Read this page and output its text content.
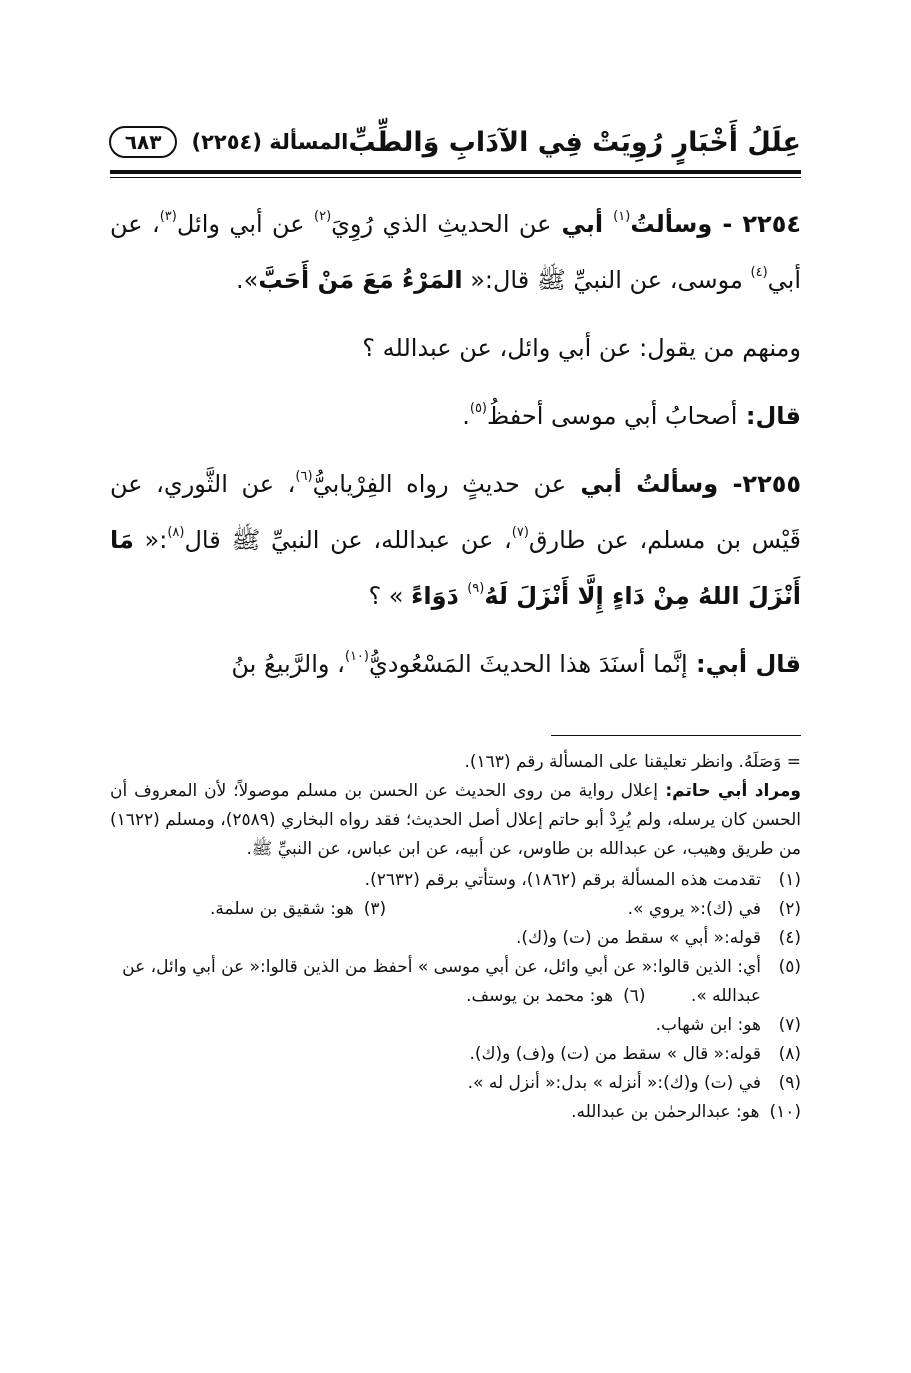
عِلَلُ أَخْبَارٍ رُوِيَتْ فِي الآدَابِ وَالطِّبِّ
المسألة (٢٢٥٤)
٦٨٣

٢٢٥٤ - وسألتُ$^{(١)}$ أبي عن الحديثِ الذي رُوِيَ$^{(٢)}$ عن أبي وائل$^{(٣)}$، عن أبي$^{(٤)}$ موسى، عن النبيِّ ﷺ قال:« المَرْءُ مَعَ مَنْ أَحَبَّ».

ومنهم من يقول: عن أبي وائل، عن عبدالله ؟

قال: أصحابُ أبي موسى أحفظُ$^{(٥)}$.

٢٢٥٥- وسألتُ أبي عن حديثٍ رواه الفِرْيابيُّ$^{(٦)}$، عن الثَّوري، عن قَيْس بن مسلم، عن طارق$^{(٧)}$، عن عبدالله، عن النبيِّ ﷺ قال$^{(٨)}$:« مَا أَنْزَلَ اللهُ مِنْ دَاءٍ إِلَّا أَنْزَلَ لَهُ$^{(٩)}$ دَوَاءً » ؟

قال أبي: إنَّما أسنَدَ هذا الحديثَ المَسْعُوديُّ$^{(١٠)}$، والرَّبيعُ بنُ

= وَصَلَهُ. وانظر تعليقنا على المسألة رقم (١٦٣).

ومراد أبي حاتم: إعلال رواية من روى الحديث عن الحسن بن مسلم موصولاً؛ لأن المعروف أن الحسن كان يرسله، ولم يُرِدْ أبو حاتم إعلال أصل الحديث؛ فقد رواه البخاري (٢٥٨٩)، ومسلم (١٦٢٢) من طريق وهيب، عن عبدالله بن طاوس، عن أبيه، عن ابن عباس، عن النبيِّ ﷺ.

(١)
تقدمت هذه المسألة برقم (١٨٦٢)، وستأتي برقم (٢٦٣٢).
(٢)
في (ك):« يروي ».
(٣)
هو: شقيق بن سلمة.
(٤)
قوله:« أبي » سقط من (ت) و(ك).
(٥)
أي: الذين قالوا:« عن أبي وائل، عن أبي موسى » أحفظ من الذين قالوا:« عن أبي وائل، عن عبدالله ».
(٦)
هو: محمد بن يوسف.
(٧)
هو: ابن شهاب.
(٨)
قوله:« قال » سقط من (ت) و(ف) و(ك).
(٩)
في (ت) و(ك):« أنزله » بدل:« أنزل له ».
(١٠)
هو: عبدالرحمٰن بن عبدالله.
